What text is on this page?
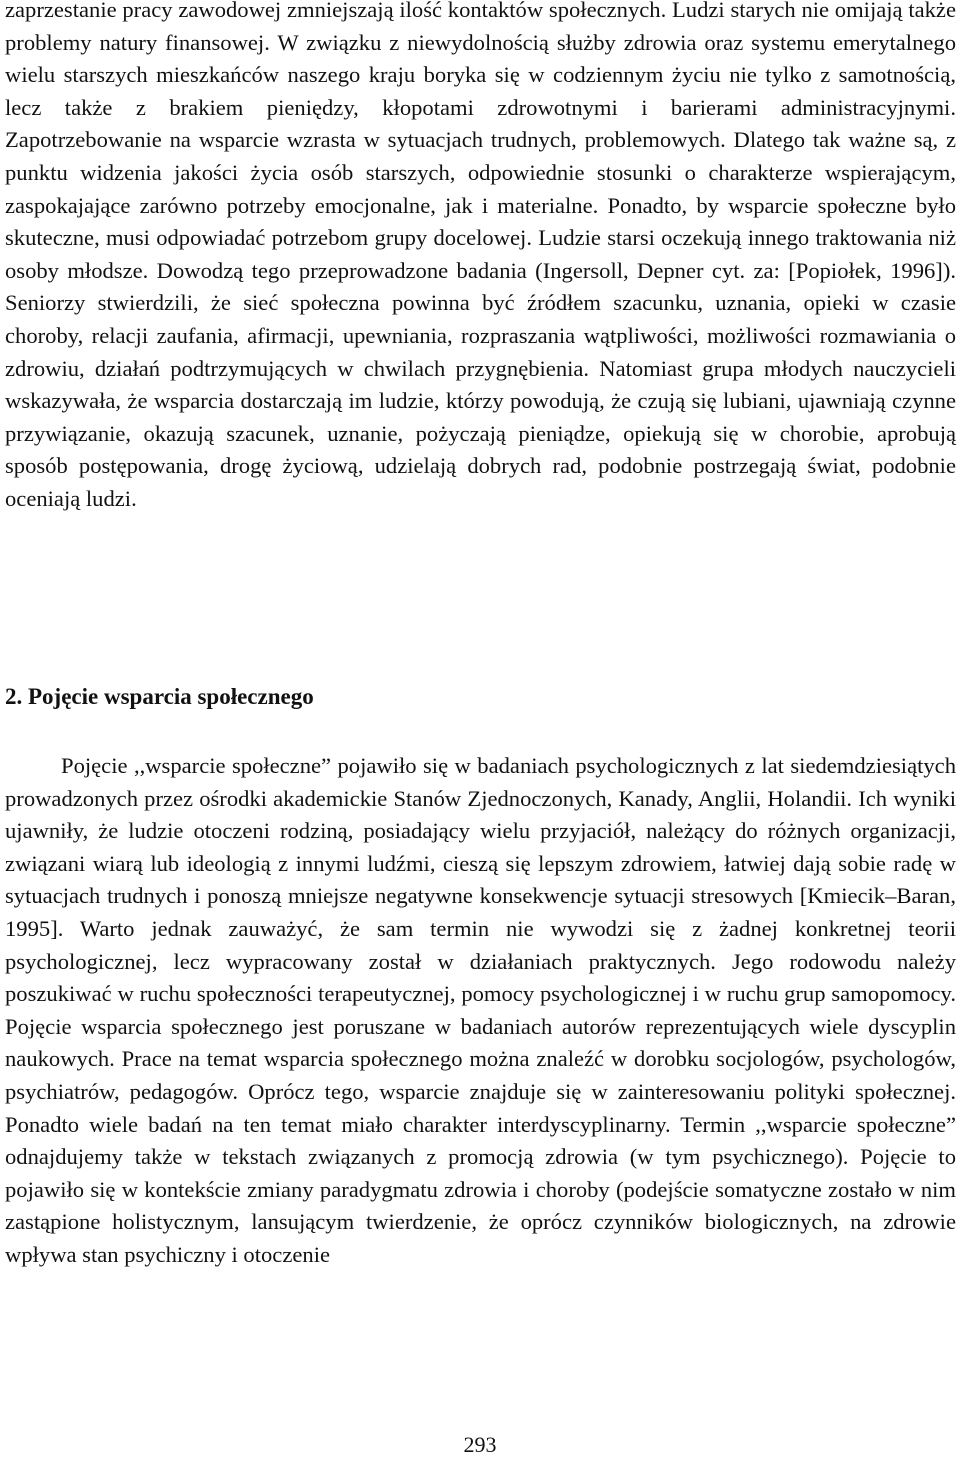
zaprzestanie pracy zawodowej zmniejszają ilość kontaktów społecznych. Ludzi starych nie omijają także problemy natury finansowej. W związku z niewydolnością służby zdrowia oraz systemu emerytalnego wielu starszych mieszkańców naszego kraju boryka się w codziennym życiu nie tylko z samotnością, lecz także z brakiem pieniędzy, kłopotami zdrowotnymi i barierami administracyjnymi. Zapotrzebowanie na wsparcie wzrasta w sytuacjach trudnych, problemowych. Dlatego tak ważne są, z punktu widzenia jakości życia osób starszych, odpowiednie stosunki o charakterze wspierającym, zaspokajające zarówno potrzeby emocjonalne, jak i materialne. Ponadto, by wsparcie społeczne było skuteczne, musi odpowiadać potrzebom grupy docelowej. Ludzie starsi oczekują innego traktowania niż osoby młodsze. Dowodzą tego przeprowadzone badania (Ingersoll, Depner cyt. za: [Popiołek, 1996]). Seniorzy stwierdzili, że sieć społeczna powinna być źródłem szacunku, uznania, opieki w czasie choroby, relacji zaufania, afirmacji, upewniania, rozpraszania wątpliwości, możliwości rozmawiania o zdrowiu, działań podtrzymujących w chwilach przygnębienia. Natomiast grupa młodych nauczycieli wskazywała, że wsparcia dostarczają im ludzie, którzy powodują, że czują się lubiani, ujawniają czynne przywiązanie, okazują szacunek, uznanie, pożyczają pieniądze, opiekują się w chorobie, aprobują sposób postępowania, drogę życiową, udzielają dobrych rad, podobnie postrzegają świat, podobnie oceniają ludzi.

2. Pojęcie wsparcia społecznego

Pojęcie ,,wsparcie społeczne” pojawiło się w badaniach psychologicznych z lat siedemdziesiątych prowadzonych przez ośrodki akademickie Stanów Zjednoczonych, Kanady, Anglii, Holandii. Ich wyniki ujawniły, że ludzie otoczeni rodziną, posiadający wielu przyjaciół, należący do różnych organizacji, związani wiarą lub ideologią z innymi ludźmi, cieszą się lepszym zdrowiem, łatwiej dają sobie radę w sytuacjach trudnych i ponoszą mniejsze negatywne konsekwencje sytuacji stresowych [Kmiecik–Baran, 1995]. Warto jednak zauważyć, że sam termin nie wywodzi się z żadnej konkretnej teorii psychologicznej, lecz wypracowany został w działaniach praktycznych. Jego rodowodu należy poszukiwać w ruchu społeczności terapeutycznej, pomocy psychologicznej i w ruchu grup samopomocy. Pojęcie wsparcia społecznego jest poruszane w badaniach autorów reprezentujących wiele dyscyplin naukowych. Prace na temat wsparcia społecznego można znaleźć w dorobku socjologów, psychologów, psychiatrów, pedagogów. Oprócz tego, wsparcie znajduje się w zainteresowaniu polityki społecznej. Ponadto wiele badań na ten temat miało charakter interdyscyplinarny. Termin ,,wsparcie społeczne” odnajdujemy także w tekstach związanych z promocją zdrowia (w tym psychicznego). Pojęcie to pojawiło się w kontekście zmiany paradygmatu zdrowia i choroby (podejście somatyczne zostało w nim zastąpione holistycznym, lansującym twierdzenie, że oprócz czynników biologicznych, na zdrowie wpływa stan psychiczny i otoczenie

293
